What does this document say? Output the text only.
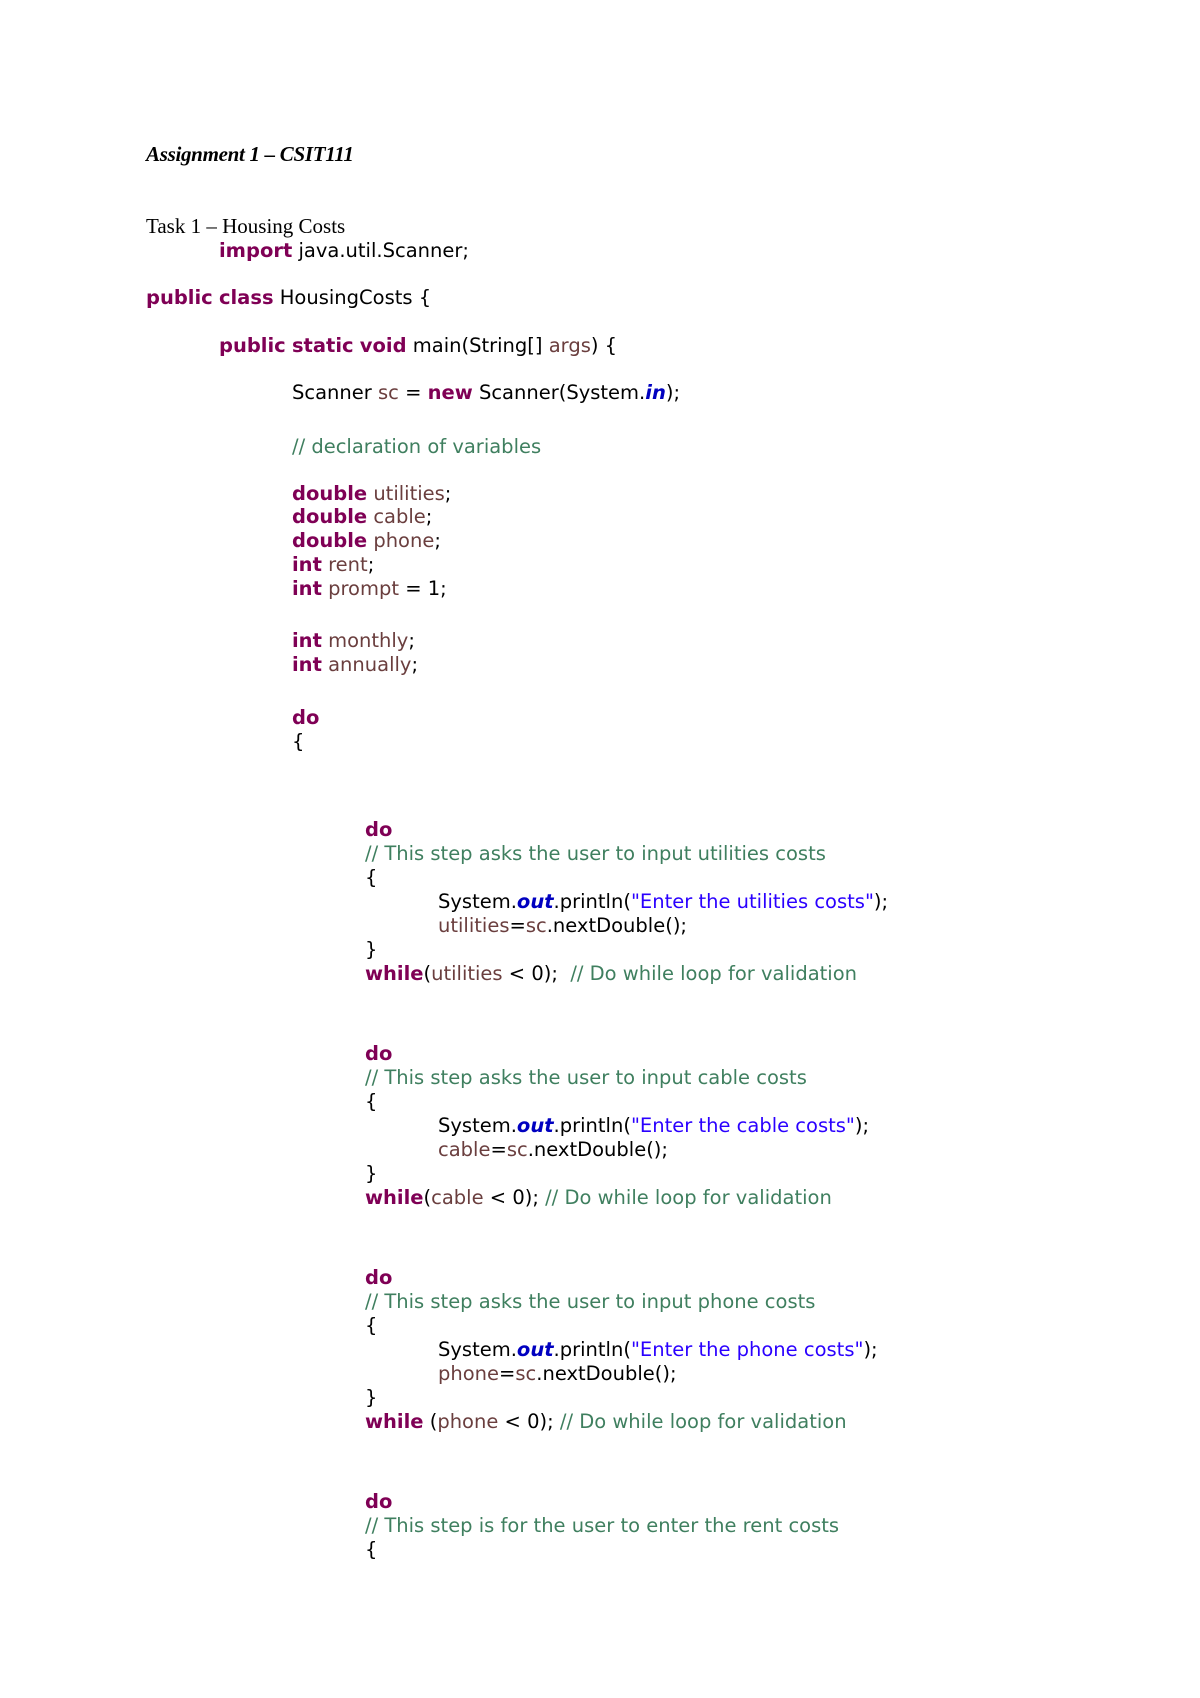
Assignment 1 – CSIT111
Task 1 – Housing Costs
import java.util.Scanner;
public class HousingCosts {
public static void main(String[] args) {
Scanner sc = new Scanner(System.in);
// declaration of variables
double utilities;
double cable;
double phone;
int rent;
int prompt = 1;
int monthly;
int annually;
do
{
do
// This step asks the user to input utilities costs
{
System.out.println("Enter the utilities costs");
utilities=sc.nextDouble();
}
while(utilities < 0);  // Do while loop for validation
do
// This step asks the user to input cable costs
{
System.out.println("Enter the cable costs");
cable=sc.nextDouble();
}
while(cable < 0); // Do while loop for validation
do
// This step asks the user to input phone costs
{
System.out.println("Enter the phone costs");
phone=sc.nextDouble();
}
while (phone < 0); // Do while loop for validation
do
// This step is for the user to enter the rent costs
{
